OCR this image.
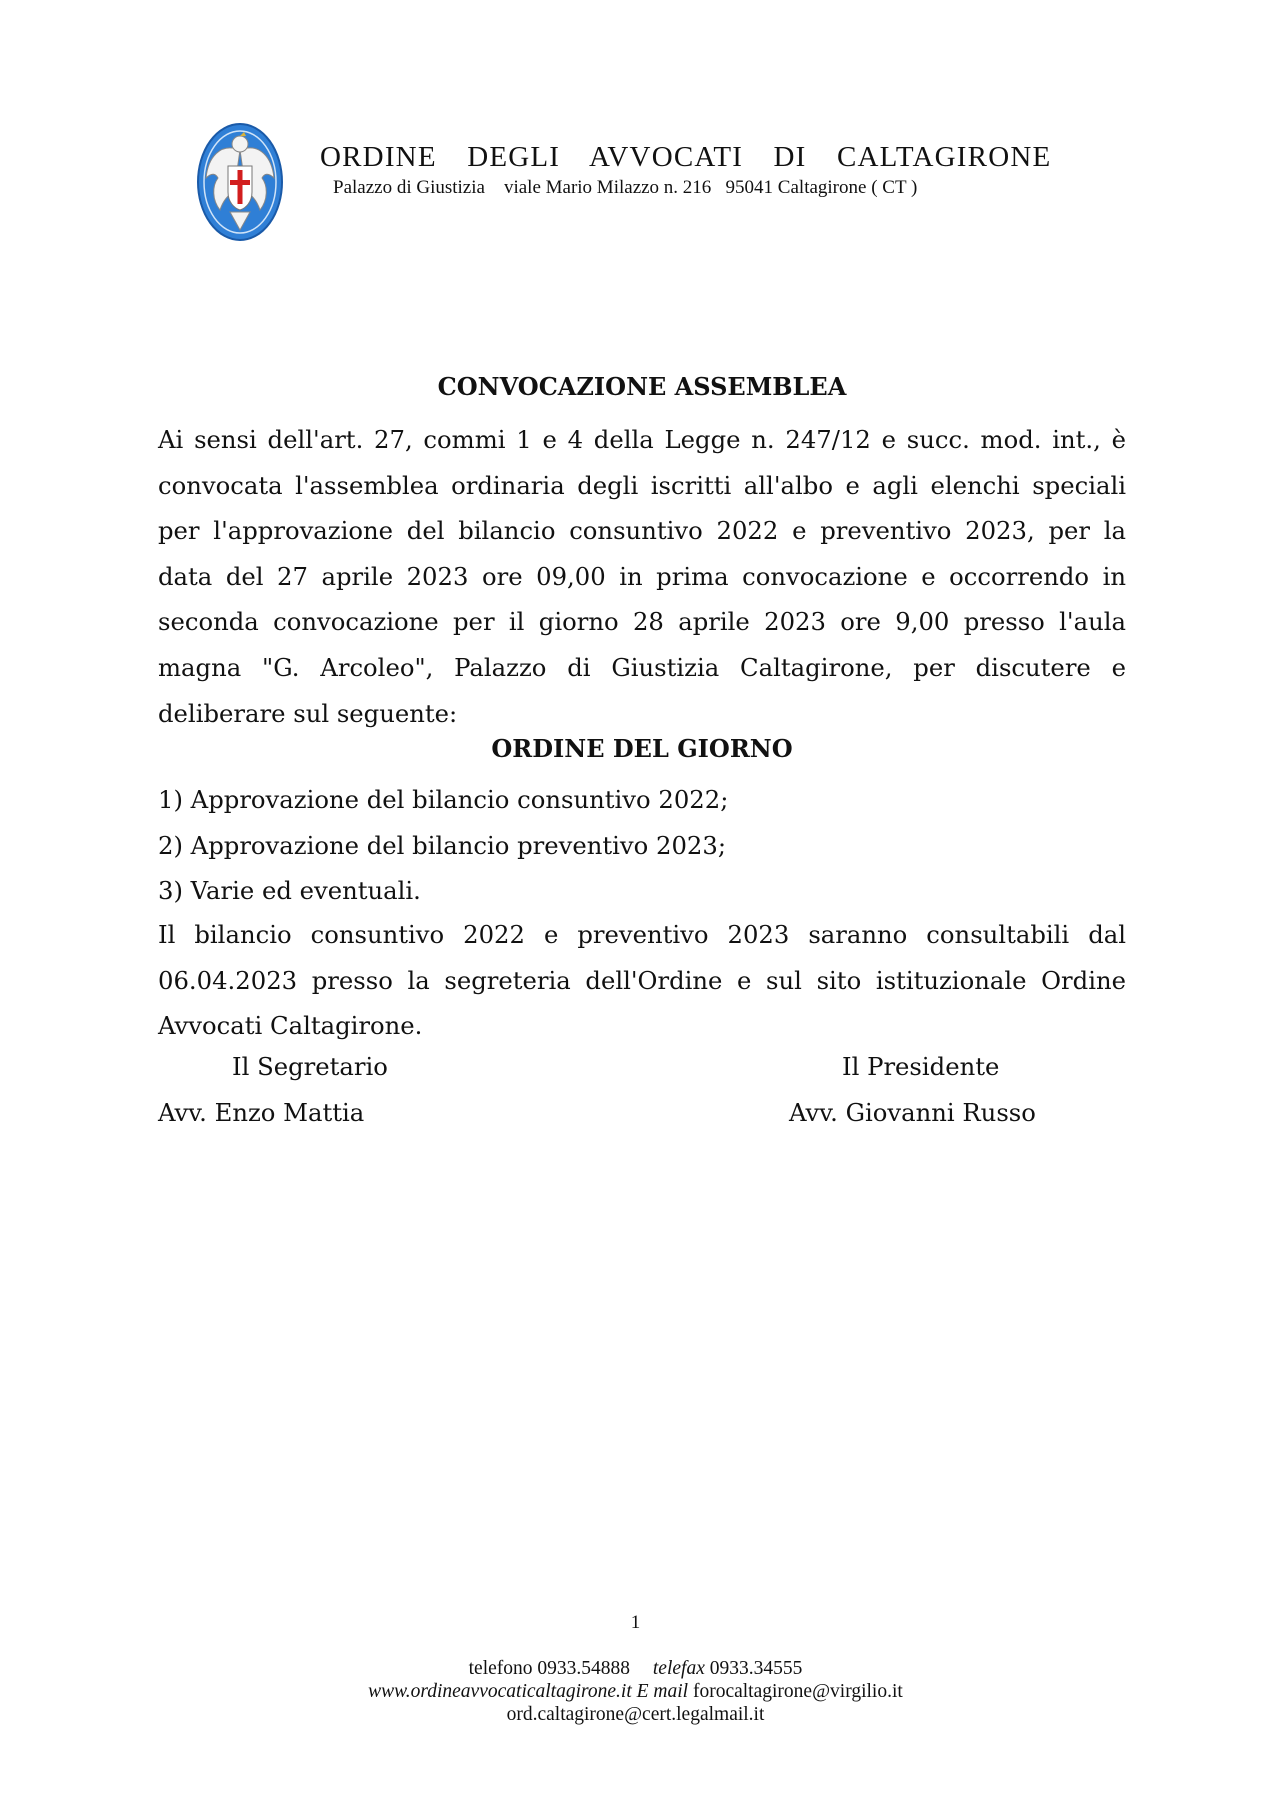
ORDINE DEGLI AVVOCATI DI CALTAGIRONE
Palazzo di Giustizia    viale Mario Milazzo n. 216   95041 Caltagirone ( CT )
CONVOCAZIONE ASSEMBLEA
ORDINE DEL GIORNO
Ai sensi dell'art. 27, commi 1 e 4 della Legge n. 247/12 e succ. mod. int., è convocata l'assemblea ordinaria degli iscritti all'albo e agli elenchi speciali per l'approvazione del bilancio consuntivo 2022 e preventivo 2023, per la data del 27 aprile 2023 ore 09,00 in prima convocazione e occorrendo in seconda convocazione per il giorno 28 aprile 2023 ore 9,00 presso l'aula magna "G. Arcoleo", Palazzo di Giustizia Caltagirone, per discutere e deliberare sul seguente:
1) Approvazione del bilancio consuntivo 2022;
2) Approvazione del bilancio preventivo 2023;
3) Varie ed eventuali.
Il bilancio consuntivo 2022 e preventivo 2023 saranno consultabili dal 06.04.2023 presso la segreteria dell'Ordine e sul sito istituzionale Ordine Avvocati Caltagirone.
Il Segretario
Avv. Enzo Mattia
Il Presidente
Avv. Giovanni Russo
1
telefono 0933.54888 telefax 0933.34555
www.ordineavvocaticaltagirone.it E mail forocaltagirone@virgilio.it
ord.caltagirone@cert.legalmail.it
